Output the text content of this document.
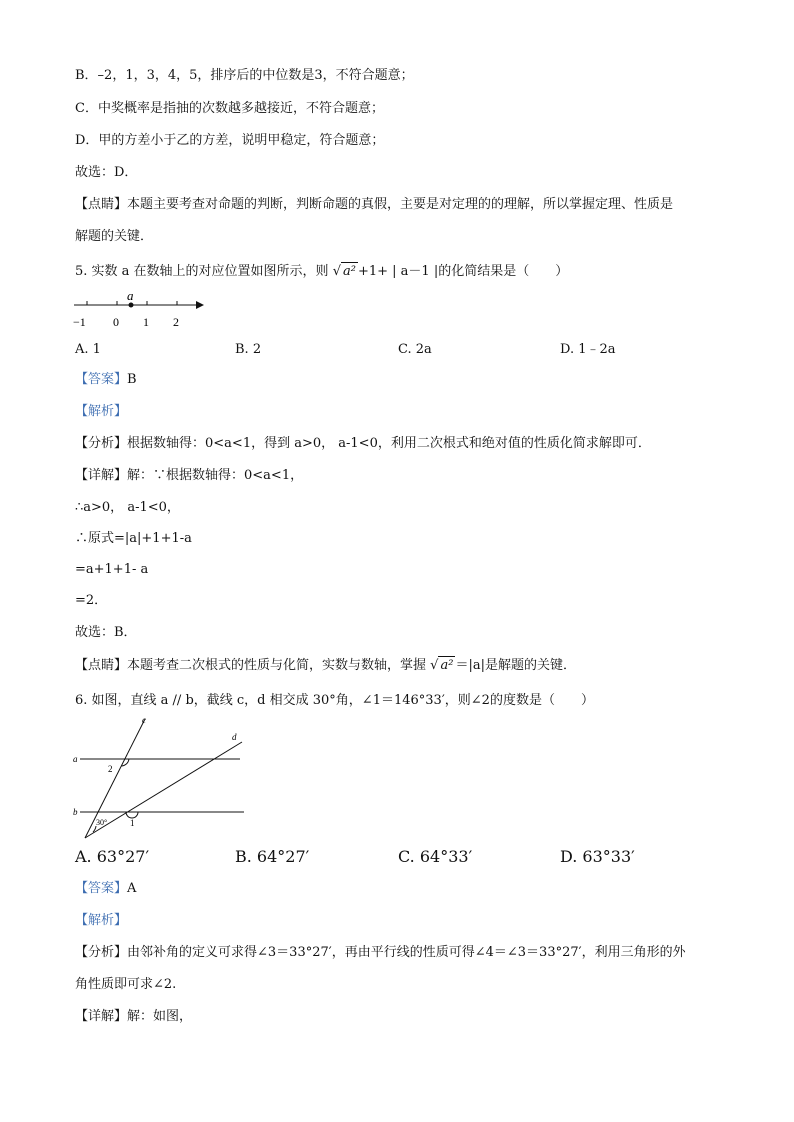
B．–2，1，3，4，5，排序后的中位数是3，不符合题意；
C．中奖概率是指抽的次数越多越接近，不符合题意；
D．甲的方差小于乙的方差，说明甲稳定，符合题意；
故选：D．
【点睛】本题主要考查对命题的判断，判断命题的真假，主要是对定理的的理解，所以掌握定理、性质是
解题的关键．
5. 实数 a 在数轴上的对应位置如图所示，则 √ a² +1+ | a－1 |的化简结果是（　　）
a
−1 0 1 2
A. 1	B. 2	C. 2a	D. 1﹣2a
【答案】B
【解析】
【分析】根据数轴得：0<a<1，得到 a>0， a-1<0，利用二次根式和绝对值的性质化简求解即可．
【详解】解：∵根据数轴得：0<a<1，
∴a>0， a-1<0，
∴原式=|a|+1+1-a
=a+1+1- a
=2．
故选：B．
【点睛】本题考查二次根式的性质与化简，实数与数轴，掌握 √ a² ＝|a|是解题的关键．
6. 如图，直线 a // b，截线 c，d 相交成 30°角，∠1＝146°33′，则∠2的度数是（　　）
c
d
a
b
2
30°	1
A. 63°27′	B. 64°27′	C. 64°33′	D. 63°33′
【答案】A
【解析】
【分析】由邻补角的定义可求得∠3＝33°27′，再由平行线的性质可得∠4＝∠3＝33°27′，利用三角形的外
角性质即可求∠2.
【详解】解：如图，
